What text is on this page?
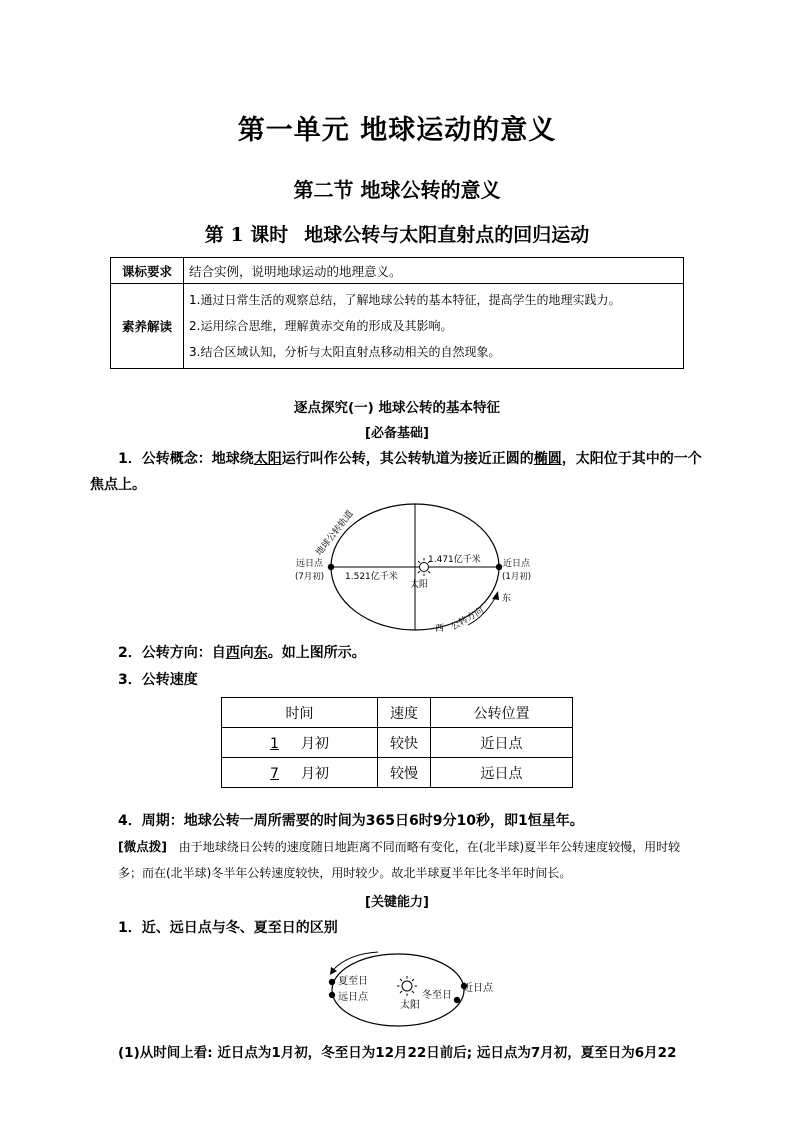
第一单元 地球运动的意义
第二节 地球公转的意义
第 1 课时 地球公转与太阳直射点的回归运动
课标要求	结合实例，说明地球运动的地理意义。
素养解读	1.通过日常生活的观察总结，了解地球公转的基本特征，提高学生的地理实践力。
2.运用综合思维，理解黄赤交角的形成及其影响。
3.结合区域认知，分析与太阳直射点移动相关的自然现象。
逐点探究(一) 地球公转的基本特征
[必备基础]
1．公转概念：地球绕太阳运行叫作公转，其公转轨道为接近正圆的椭圆，太阳位于其中的一个
焦点上。
太阳
1.471亿千米
1.521亿千米
远日点
(7月初)
近日点
(1月初)
地球公转轨道
东
西 公转方向
2．公转方向：自西向东。如上图所示。
3．公转速度
时间	速度	公转位置
1 月初	较快	近日点
7 月初	较慢	远日点
4．周期：地球公转一周所需要的时间为365日6时9分10秒，即1恒星年。
[微点拨] 由于地球绕日公转的速度随日地距离不同而略有变化，在(北半球)夏半年公转速度较慢，用时较多；而在(北半球)冬半年公转速度较快，用时较少。故北半球夏半年比冬半年时间长。
[关键能力]
1．近、远日点与冬、夏至日的区别
夏至日
远日点	冬至日
太阳
近日点
(1)从时间上看: 近日点为1月初，冬至日为12月22日前后; 远日点为7月初，夏至日为6月22
